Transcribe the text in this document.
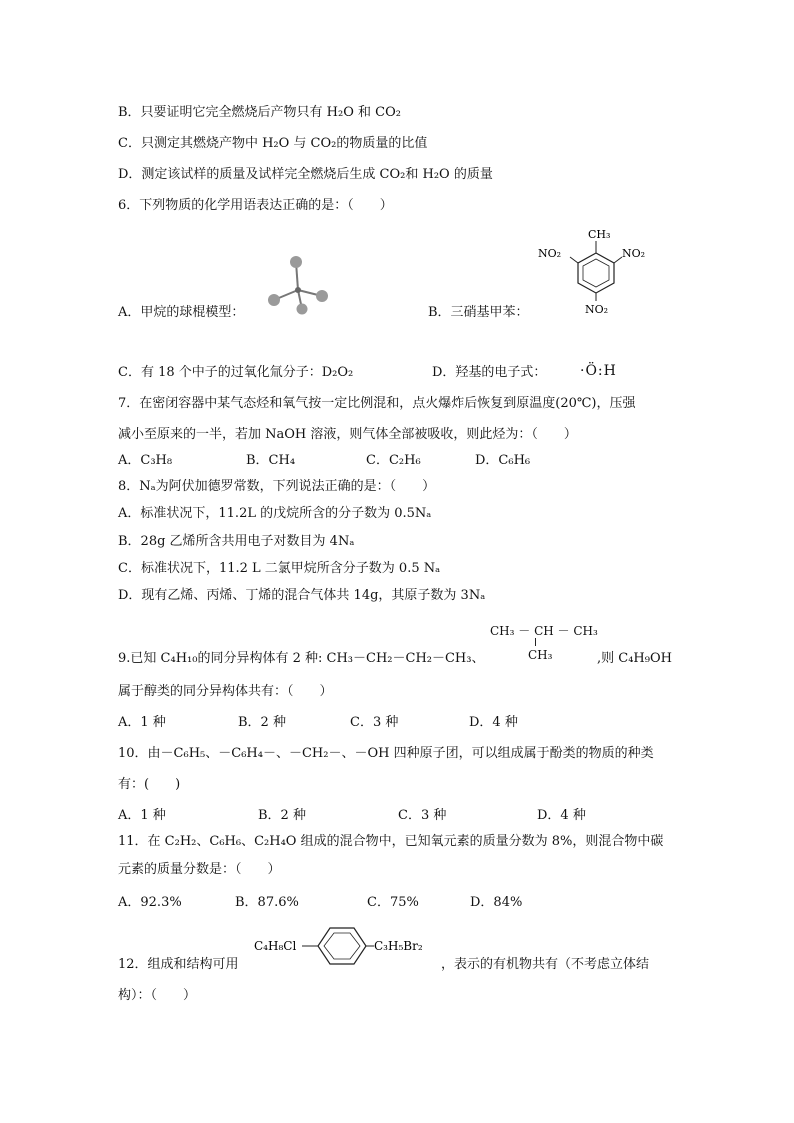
B．只要证明它完全燃烧后产物只有 H₂O 和 CO₂
C．只测定其燃烧产物中 H₂O 与 CO₂的物质量的比值
D．测定该试样的质量及试样完全燃烧后生成 CO₂和 H₂O 的质量
6．下列物质的化学用语表达正确的是：（　　）
A．甲烷的球棍模型：
CH₃
NO₂	NO₂
NO₂
B．三硝基甲苯：
C．有 18 个中子的过氧化氚分子：D₂O₂	D．羟基的电子式： ·Ö:H
7．在密闭容器中某气态烃和氧气按一定比例混和，点火爆炸后恢复到原温度(20℃)，压强
减小至原来的一半，若加 NaOH 溶液，则气体全部被吸收，则此烃为：（　　）
A．C₃H₈	B．CH₄	C．C₂H₆	D．C₆H₆
8．Nₐ为阿伏加德罗常数，下列说法正确的是：（　　）
A．标准状况下，11.2L 的戊烷所含的分子数为 0.5Nₐ
B．28g 乙烯所含共用电子对数目为 4Nₐ
C．标准状况下，11.2 L 二氯甲烷所含分子数为 0.5 Nₐ
D．现有乙烯、丙烯、丁烯的混合气体共 14g，其原子数为 3Nₐ
CH₃ － CH － CH₃
CH₃
9.已知 C₄H₁₀的同分异构体有 2 种: CH₃－CH₂－CH₂－CH₃、	,则 C₄H₉OH
属于醇类的同分异构体共有：（　　）
A．1 种	B．2 种	C．3 种	D．4 种
10．由－C₆H₅、－C₆H₄－、－CH₂－、－OH 四种原子团，可以组成属于酚类的物质的种类
有：(　　)
A．1 种	B．2 种	C．3 种	D．4 种
11．在 C₂H₂、C₆H₆、C₂H₄O 组成的混合物中，已知氧元素的质量分数为 8%，则混合物中碳
元素的质量分数是：（　　）
A．92.3%	B．87.6%	C．75%	D．84%
C₄H₈Cl	C₃H₅Br₂
12．组成和结构可用	，表示的有机物共有（不考虑立体结
构）：（　　）
